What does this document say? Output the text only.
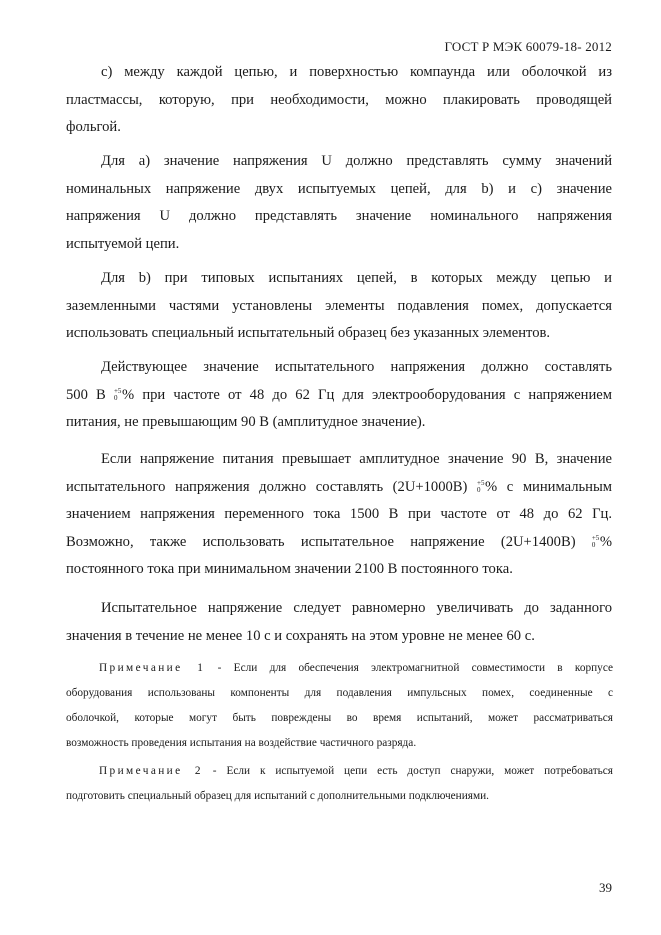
ГОСТ Р МЭК 60079-18- 2012
c) между каждой цепью, и поверхностью компаунда или оболочкой из
пластмассы, которую, при необходимости, можно плакировать проводящей
фольгой.
Для a) значение напряжения U должно представлять сумму значений
номинальных напряжение двух испытуемых цепей, для b) и c) значение
напряжения U должно представлять значение номинального напряжения
испытуемой цепи.
Для b) при типовых испытаниях цепей, в которых между цепью и
заземленными частями установлены элементы подавления помех, допускается
использовать специальный испытательный образец без указанных элементов.
Действующее значение испытательного напряжения должно составлять
500 В +5
0 % при частоте от 48 до 62 Гц для электрооборудования с напряжением
питания, не превышающим 90 В (амплитудное значение).
Если напряжение питания превышает амплитудное значение 90 В, значение
испытательного напряжения должно составлять (2U+1000В) +5
0 % с минимальным
значением напряжения переменного тока 1500 В при частоте от 48 до 62 Гц.
Возможно, также использовать испытательное напряжение (2U+1400В) +5
0 %
постоянного тока при минимальном значении 2100 В постоянного тока.
Испытательное напряжение следует равномерно увеличивать до заданного
значения в течение не менее 10 с и сохранять на этом уровне не менее 60 с.
Примечание 1 - Если для обеспечения электромагнитной совместимости в корпусе
оборудования использованы компоненты для подавления импульсных помех, соединенные с
оболочкой, которые могут быть повреждены во время испытаний, может рассматриваться
возможность проведения испытания на воздействие частичного разряда.
Примечание 2 - Если к испытуемой цепи есть доступ снаружи, может потребоваться
подготовить специальный образец для испытаний с дополнительными подключениями.
39
